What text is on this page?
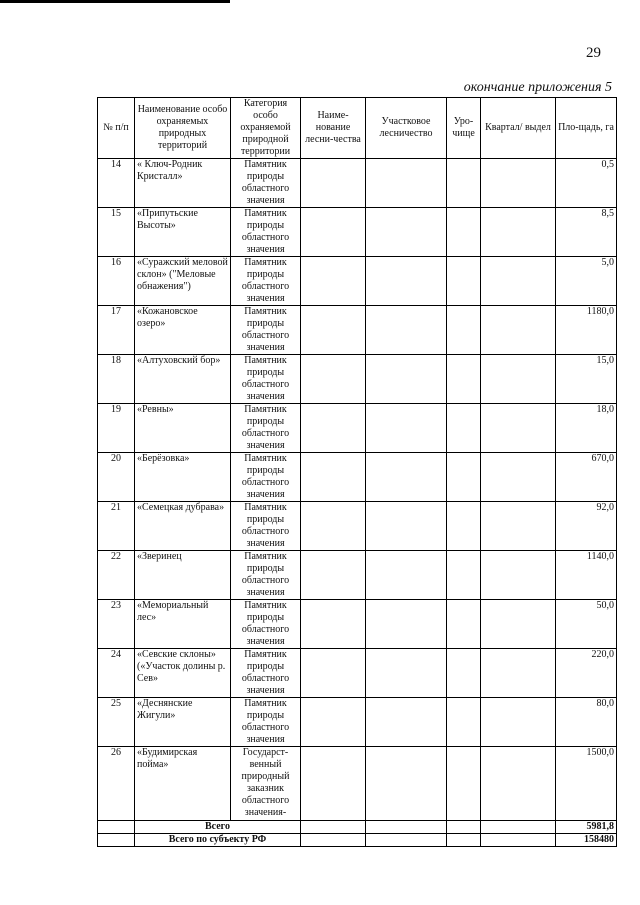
29
окончание приложения 5
№ п/п	Наименование особо охраняемых природных территорий	Категория особо охраняемой природной территории	Наиме-нование лесни-чества	Участковое лесничество	Уро-чище	Квартал/ выдел	Пло-щадь, га
14	« Ключ-Родник Кристалл»	Памятник природы областного значения					0,5
15	«Припутьские Высоты»	Памятник природы областного значения					8,5
16	«Суражский меловой склон» ("Меловые обнажения")	Памятник природы областного значения					5,0
17	«Кожановское озеро»	Памятник природы областного значения					1180,0
18	«Алтуховский бор»	Памятник природы областного значения					15,0
19	«Ревны»	Памятник природы областного значения					18,0
20	«Берёзовка»	Памятник природы областного значения					670,0
21	«Семецкая дубрава»	Памятник природы областного значения					92,0
22	«Зверинец	Памятник природы областного значения					1140,0
23	«Мемориальный лес»	Памятник природы областного значения					50,0
24	«Севские склоны» («Участок долины р. Сев»	Памятник природы областного значения					220,0
25	«Деснянские Жигули»	Памятник природы областного значения					80,0
26	«Будимирская пойма»	Государст-венный природный заказник областного значения-					1500,0
	Всего						5981,8
	Всего по субъекту РФ						158480
